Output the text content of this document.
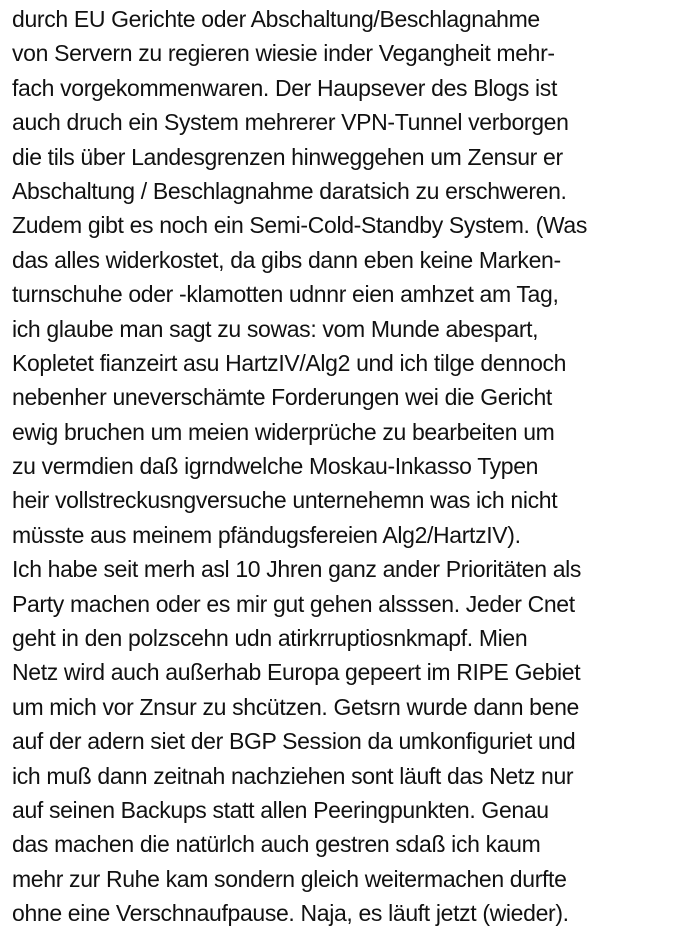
durch EU Gerichte oder Abschaltung/Beschlagnahme
von Servern zu regieren wiesie inder Vegangheit mehr-
fach vorgekommenwaren. Der Haupsever des Blogs ist
auch druch ein System mehrerer VPN-Tunnel verborgen
die tils über Landesgrenzen hinweggehen um Zensur er
Abschaltung / Beschlagnahme daratsich zu erschweren.
Zudem gibt es noch ein Semi-Cold-Standby System. (Was
das alles widerkostet, da gibs dann eben keine Marken-
turnschuhe oder -klamotten udnnr eien amhzet am Tag,
ich glaube man sagt zu sowas: vom Munde abespart,
Kopletet fianzeirt asu HartzIV/Alg2 und ich tilge dennoch
nebenher uneverschämte Forderungen wei die Gericht
ewig bruchen um meien widerprüche zu bearbeiten um
zu vermdien daß igrndwelche Moskau-Inkasso Typen
heir vollstreckusngversuche unternehemn was ich nicht
müsste aus meinem pfändugsfereien Alg2/HartzIV).
Ich habe seit merh asl 10 Jhren ganz ander Prioritäten als
Party machen oder es mir gut gehen alsssen. Jeder Cnet
geht in den polzscehn udn atirkrruptiosnkmapf. Mien
Netz wird auch außerhab Europa gepeert im RIPE Gebiet
um mich vor Znsur zu shcützen. Getsrn wurde dann bene
auf der adern siet der BGP Session da umkonfiguriet und
ich muß dann zeitnah nachziehen sont läuft das Netz nur
auf seinen Backups statt allen Peeringpunkten. Genau
das machen die natürlch auch gestren sdaß ich kaum
mehr zur Ruhe kam sondern gleich weitermachen durfte
ohne eine Verschnaufpause. Naja, es läuft jetzt (wieder).
